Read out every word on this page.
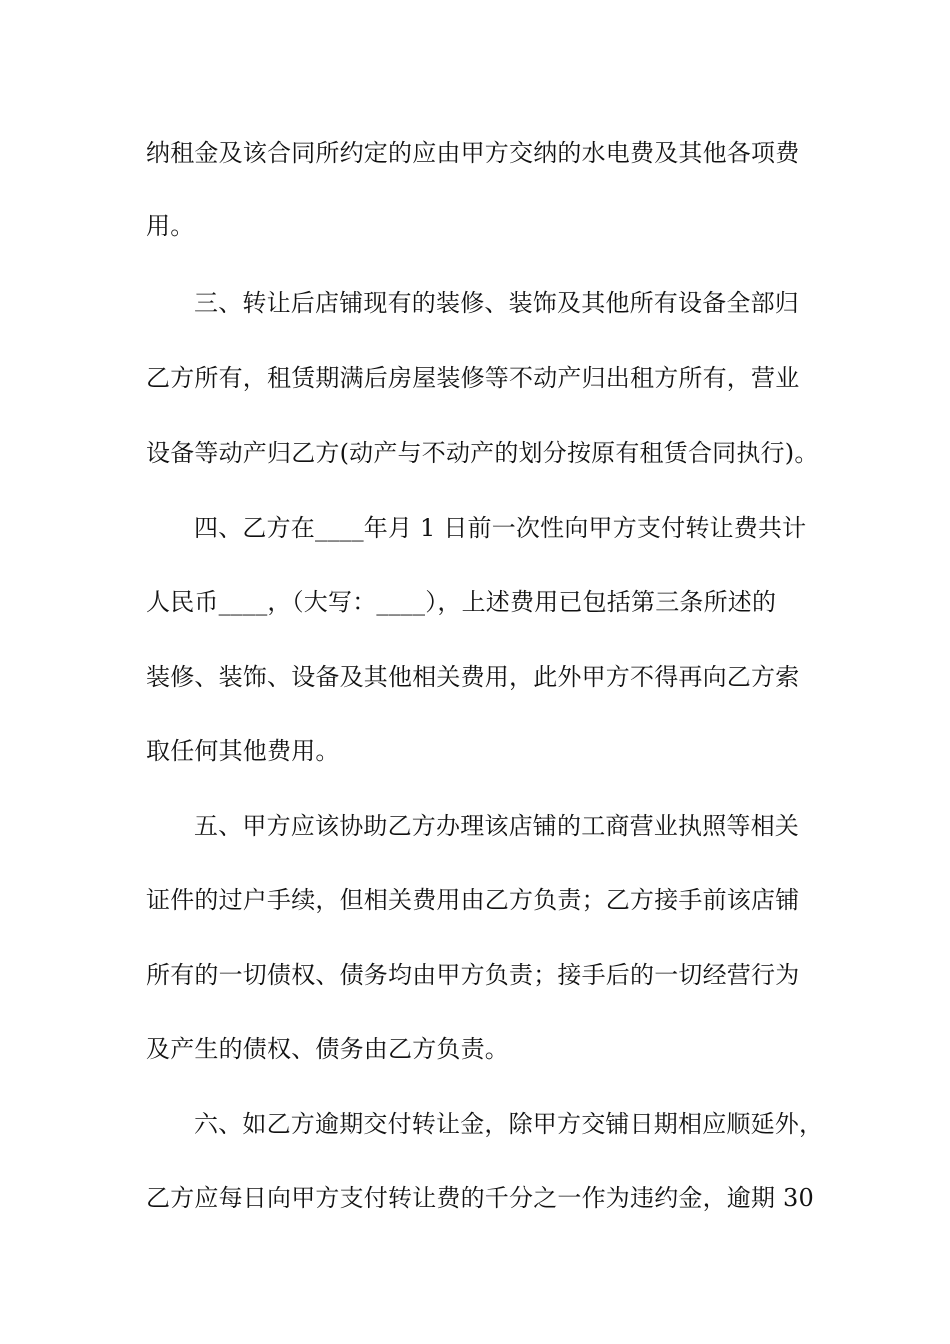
纳租金及该合同所约定的应由甲方交纳的水电费及其他各项费
用。
三、转让后店铺现有的装修、装饰及其他所有设备全部归
乙方所有，租赁期满后房屋装修等不动产归出租方所有，营业
设备等动产归乙方(动产与不动产的划分按原有租赁合同执行)。
四、乙方在____年月 1 日前一次性向甲方支付转让费共计
人民币____，（大写：____），上述费用已包括第三条所述的
装修、装饰、设备及其他相关费用，此外甲方不得再向乙方索
取任何其他费用。
五、甲方应该协助乙方办理该店铺的工商营业执照等相关
证件的过户手续，但相关费用由乙方负责；乙方接手前该店铺
所有的一切债权、债务均由甲方负责；接手后的一切经营行为
及产生的债权、债务由乙方负责。
六、如乙方逾期交付转让金，除甲方交铺日期相应顺延外，
乙方应每日向甲方支付转让费的千分之一作为违约金，逾期 30
